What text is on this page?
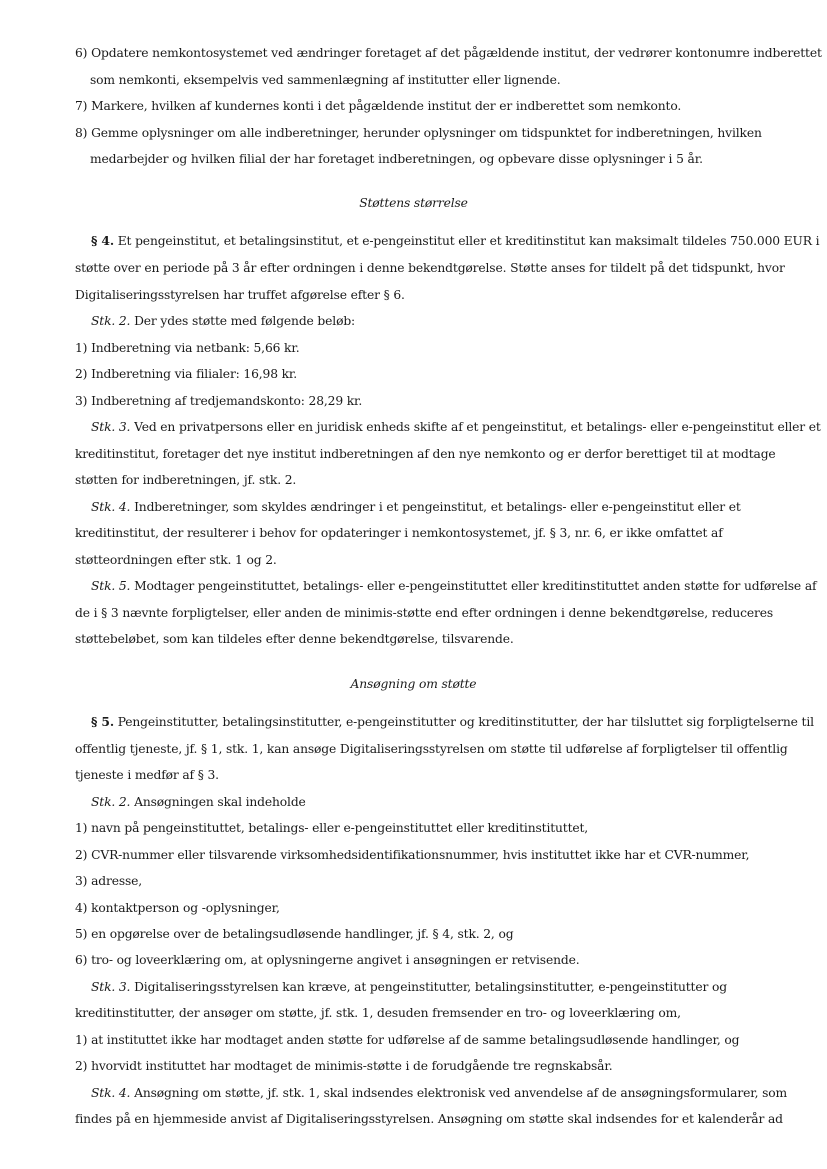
6) Opdatere nemkontosystemet ved ændringer foretaget af det pågældende institut, der vedrører kontonumre indberettet
som nemkonti, eksempelvis ved sammenlægning af institutter eller lignende.
7) Markere, hvilken af kundernes konti i det pågældende institut der er indberettet som nemkonto.
8) Gemme oplysninger om alle indberetninger, herunder oplysninger om tidspunktet for indberetningen, hvilken
medarbejder og hvilken filial der har foretaget indberetningen, og opbevare disse oplysninger i 5 år.
Støttens størrelse
§ 4. Et pengeinstitut, et betalingsinstitut, et e-pengeinstitut eller et kreditinstitut kan maksimalt tildeles 750.000 EUR i
støtte over en periode på 3 år efter ordningen i denne bekendtgørelse. Støtte anses for tildelt på det tidspunkt, hvor
Digitaliseringsstyrelsen har truffet afgørelse efter § 6.
Stk. 2. Der ydes støtte med følgende beløb:
1) Indberetning via netbank: 5,66 kr.
2) Indberetning via filialer: 16,98 kr.
3) Indberetning af tredjemandskonto: 28,29 kr.
Stk. 3. Ved en privatpersons eller en juridisk enheds skifte af et pengeinstitut, et betalings- eller e-pengeinstitut eller et
kreditinstitut, foretager det nye institut indberetningen af den nye nemkonto og er derfor berettiget til at modtage
støtten for indberetningen, jf. stk. 2.
Stk. 4. Indberetninger, som skyldes ændringer i et pengeinstitut, et betalings- eller e-pengeinstitut eller et
kreditinstitut, der resulterer i behov for opdateringer i nemkontosystemet, jf. § 3, nr. 6, er ikke omfattet af
støtteordningen efter stk. 1 og 2.
Stk. 5. Modtager pengeinstituttet, betalings- eller e-pengeinstituttet eller kreditinstituttet anden støtte for udførelse af
de i § 3 nævnte forpligtelser, eller anden de minimis-støtte end efter ordningen i denne bekendtgørelse, reduceres
støttebeløbet, som kan tildeles efter denne bekendtgørelse, tilsvarende.
Ansøgning om støtte
§ 5. Pengeinstitutter, betalingsinstitutter, e-pengeinstitutter og kreditinstitutter, der har tilsluttet sig forpligtelserne til
offentlig tjeneste, jf. § 1, stk. 1, kan ansøge Digitaliseringsstyrelsen om støtte til udførelse af forpligtelser til offentlig
tjeneste i medfør af § 3.
Stk. 2. Ansøgningen skal indeholde
1) navn på pengeinstituttet, betalings- eller e-pengeinstituttet eller kreditinstituttet,
2) CVR-nummer eller tilsvarende virksomhedsidentifikationsnummer, hvis instituttet ikke har et CVR-nummer,
3) adresse,
4) kontaktperson og -oplysninger,
5) en opgørelse over de betalingsudløsende handlinger, jf. § 4, stk. 2, og
6) tro- og loveerklæring om, at oplysningerne angivet i ansøgningen er retvisende.
Stk. 3. Digitaliseringsstyrelsen kan kræve, at pengeinstitutter, betalingsinstitutter, e-pengeinstitutter og
kreditinstitutter, der ansøger om støtte, jf. stk. 1, desuden fremsender en tro- og loveerklæring om,
1) at instituttet ikke har modtaget anden støtte for udførelse af de samme betalingsudløsende handlinger, og
2) hvorvidt instituttet har modtaget de minimis-støtte i de forudgående tre regnskabsår.
Stk. 4. Ansøgning om støtte, jf. stk. 1, skal indsendes elektronisk ved anvendelse af de ansøgningsformularer, som
findes på en hjemmeside anvist af Digitaliseringsstyrelsen. Ansøgning om støtte skal indsendes for et kalenderår ad
